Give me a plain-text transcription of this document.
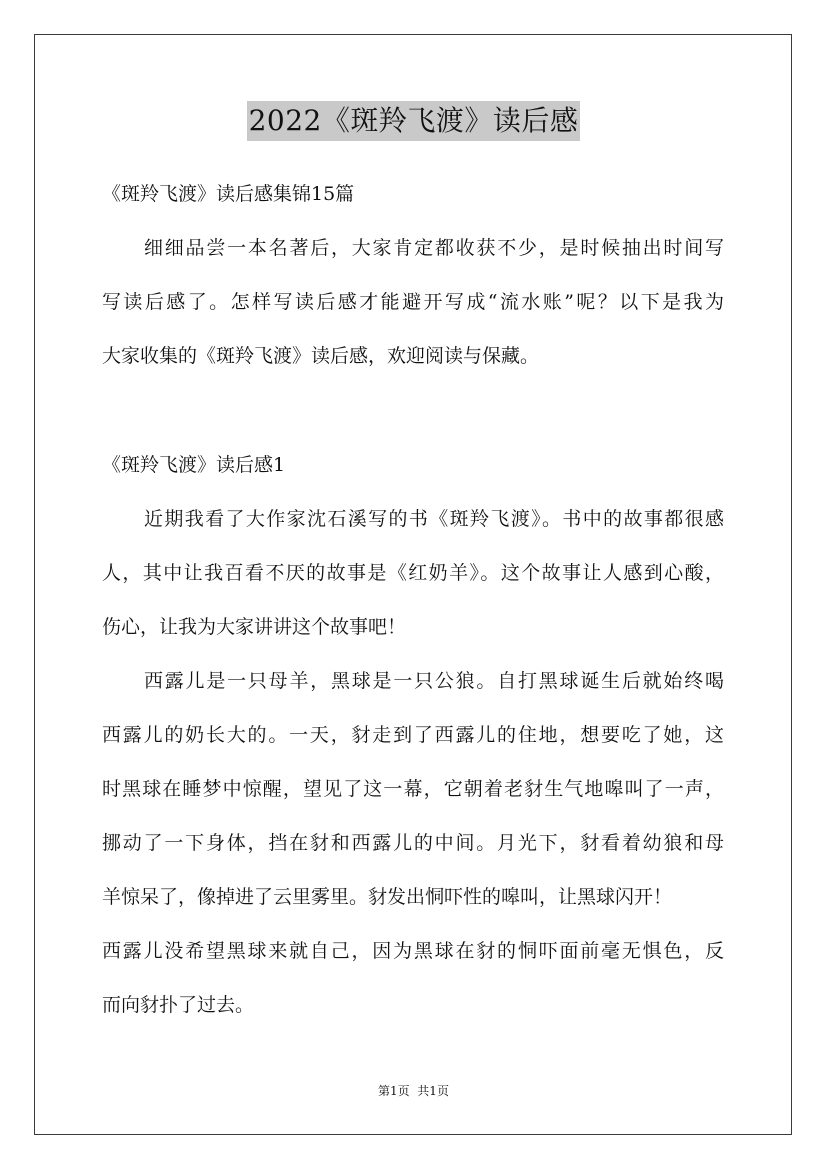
2022《斑羚飞渡》读后感
《斑羚飞渡》读后感集锦15篇
细细品尝一本名著后，大家肯定都收获不少，是时候抽出时间写
写读后感了。怎样写读后感才能避开写成“流水账”呢？以下是我为
大家收集的《斑羚飞渡》读后感，欢迎阅读与保藏。
《斑羚飞渡》读后感1
近期我看了大作家沈石溪写的书《斑羚飞渡》。书中的故事都很感
人，其中让我百看不厌的故事是《红奶羊》。这个故事让人感到心酸，
伤心，让我为大家讲讲这个故事吧！
西露儿是一只母羊，黑球是一只公狼。自打黑球诞生后就始终喝
西露儿的奶长大的。一天，豺走到了西露儿的住地，想要吃了她，这
时黑球在睡梦中惊醒，望见了这一幕，它朝着老豺生气地嗥叫了一声，
挪动了一下身体，挡在豺和西露儿的中间。月光下，豺看着幼狼和母
羊惊呆了，像掉进了云里雾里。豺发出恫吓性的嗥叫，让黑球闪开！
西露儿没希望黑球来就自己，因为黑球在豺的恫吓面前毫无惧色，反
而向豺扑了过去。
第1页  共1页
